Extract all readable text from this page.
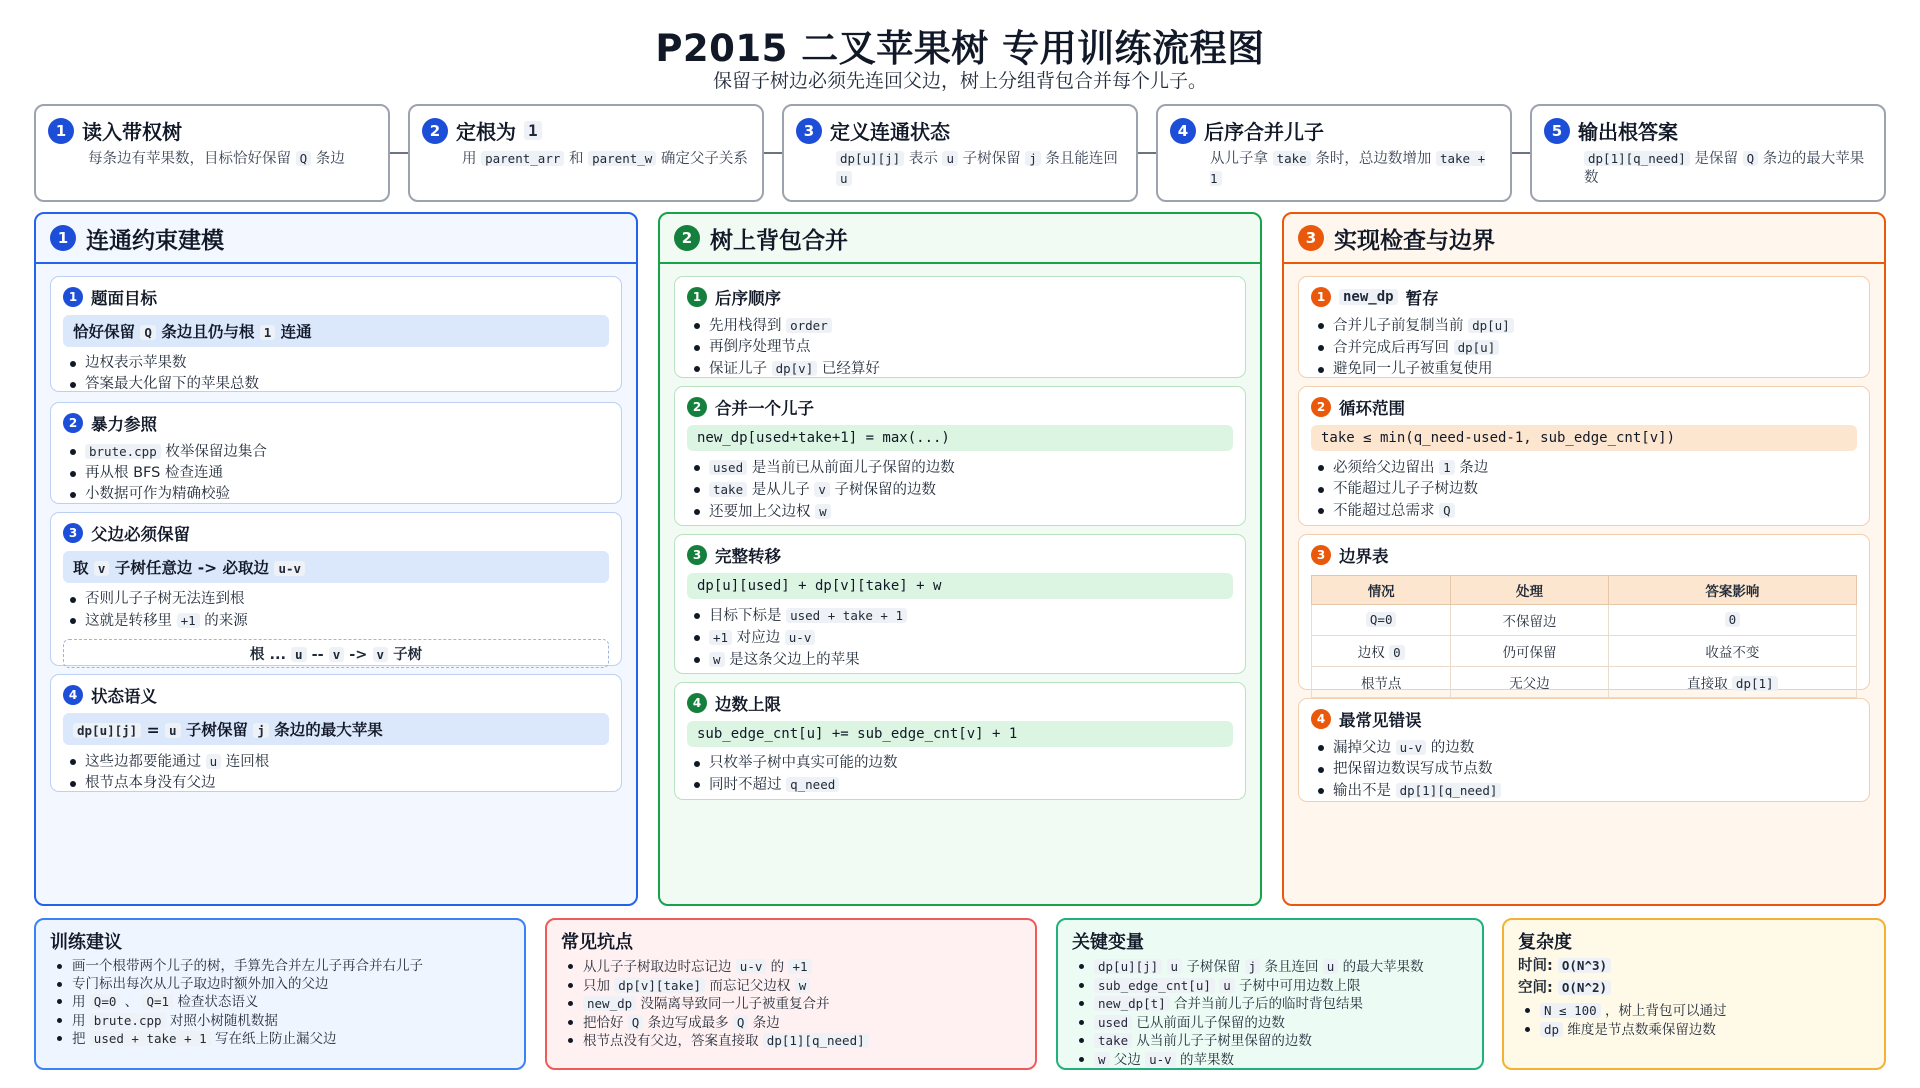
P2015 二叉苹果树 专用训练流程图
保留子树边必须先连回父边，树上分组背包合并每个儿子。
1 读入带权树
每条边有苹果数，目标恰好保留 Q 条边
2 定根为 1
用 parent_arr 和 parent_w 确定父子关系
3 定义连通状态
dp[u][j] 表示 u 子树保留 j 条且能连回 u
4 后序合并儿子
从儿子拿 take 条时，总边数增加 take + 1
5 输出根答案
dp[1][q_need] 是保留 Q 条边的最大苹果数
1 连通约束建模
1 题面目标
恰好保留 Q 条边且仍与根 1 连通
边权表示苹果数
答案最大化留下的苹果总数
2 暴力参照
brute.cpp 枚举保留边集合
再从根 BFS 检查连通
小数据可作为精确校验
3 父边必须保留
取 v 子树任意边 -> 必取边 u-v
否则儿子子树无法连到根
这就是转移里 +1 的来源
根 ... u -- v -> v 子树
4 状态语义
dp[u][j] = u 子树保留 j 条边的最大苹果
这些边都要能通过 u 连回根
根节点本身没有父边
2 树上背包合并
1 后序顺序
先用栈得到 order
再倒序处理节点
保证儿子 dp[v] 已经算好
2 合并一个儿子
new_dp[used+take+1] = max(...)
used 是当前已从前面儿子保留的边数
take 是从儿子 v 子树保留的边数
还要加上父边权 w
3 完整转移
dp[u][used] + dp[v][take] + w
目标下标是 used + take + 1
+1 对应边 u-v
w 是这条父边上的苹果
4 边数上限
sub_edge_cnt[u] += sub_edge_cnt[v] + 1
只枚举子树中真实可能的边数
同时不超过 q_need
3 实现检查与边界
1	new_dp 暂存
合并儿子前复制当前 dp[u]
合并完成后再写回 dp[u]
避免同一儿子被重复使用
2 循环范围
take ≤ min(q_need-used-1, sub_edge_cnt[v])
必须给父边留出 1 条边
不能超过儿子子树边数
不能超过总需求 Q
3 边界表
情况	处理	答案影响
Q=0	不保留边	0
边权 0	仍可保留	收益不变
根节点	无父边	直接取 dp[1]
4 最常见错误
漏掉父边 u-v 的边数
把保留边数误写成节点数
输出不是 dp[1][q_need]
训练建议
画一个根带两个儿子的树，手算先合并左儿子再合并右儿子
专门标出每次从儿子取边时额外加入的父边
用 Q=0 、 Q=1 检查状态语义
用 brute.cpp 对照小树随机数据
把 used + take + 1 写在纸上防止漏父边
常见坑点
从儿子子树取边时忘记边 u-v 的 +1
只加 dp[v][take] 而忘记父边权 w
new_dp 没隔离导致同一儿子被重复合并
把恰好 Q 条边写成最多 Q 条边
根节点没有父边，答案直接取 dp[1][q_need]
关键变量
dp[u][j] u 子树保留 j 条且连回 u 的最大苹果数
sub_edge_cnt[u] u 子树中可用边数上限
new_dp[t] 合并当前儿子后的临时背包结果
used 已从前面儿子保留的边数
take 从当前儿子子树里保留的边数
w 父边 u-v 的苹果数
复杂度
时间: O(N^3)
空间: O(N^2)
N ≤ 100 ，树上背包可以通过
dp 维度是节点数乘保留边数
